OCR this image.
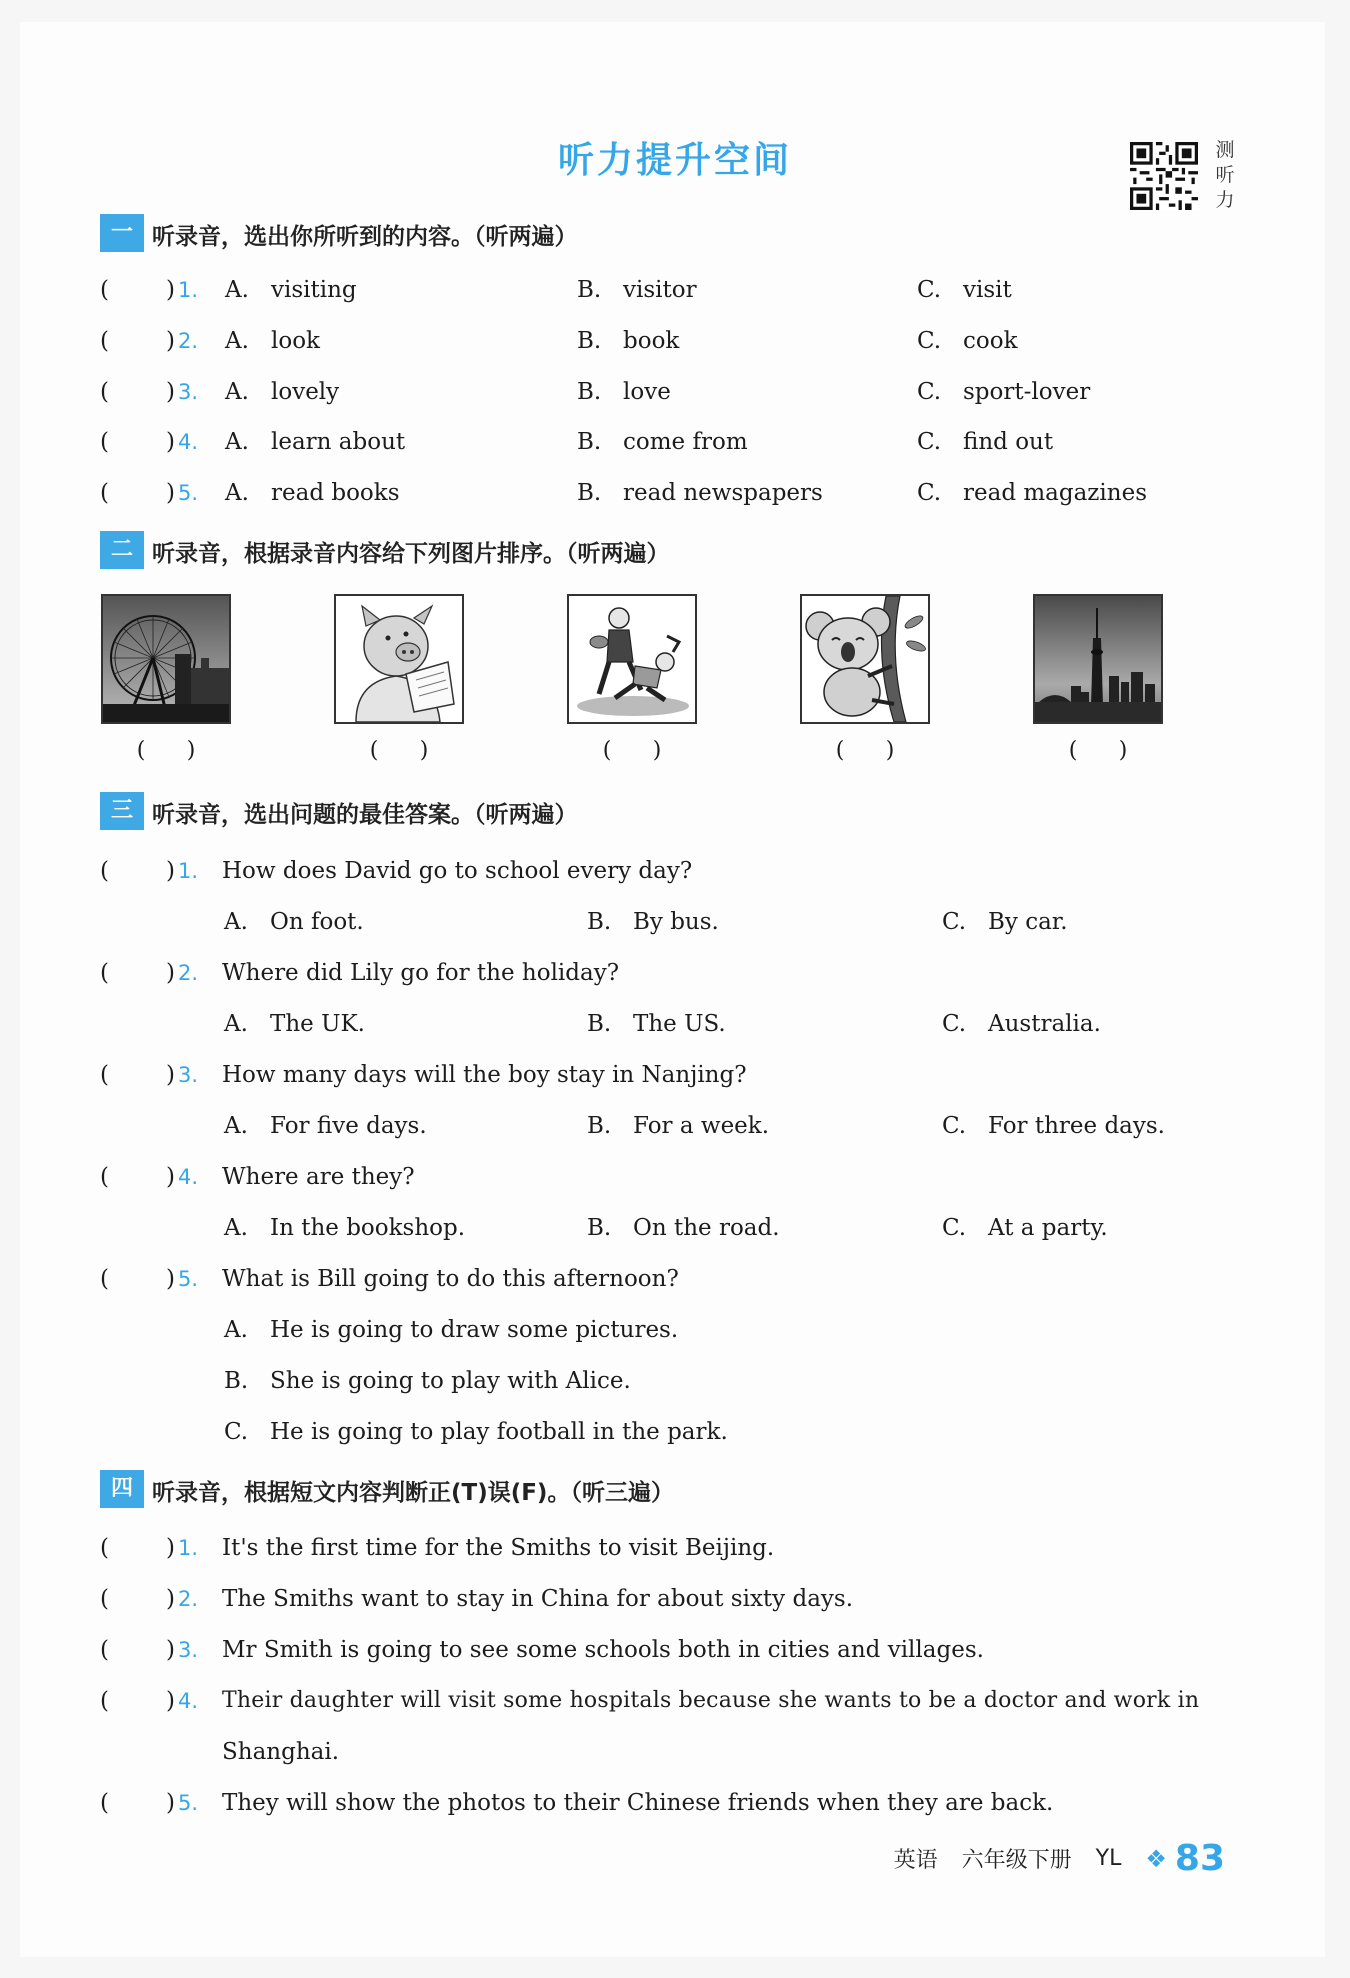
听力提升空间	测
听
力
一 听录音，选出你所听到的内容。（听两遍）
( ) 1. A. visiting	B. visitor	C. visit
( ) 2. A. look	B. book	C. cook
( ) 3. A. lovely	B. love	C. sport-lover
( ) 4. A. learn about	B. come from	C. find out
( ) 5. A. read books	B. read newspapers	C. read magazines
二 听录音，根据录音内容给下列图片排序。（听两遍）
( )	( )	( )	( )	( )
三 听录音，选出问题的最佳答案。（听两遍）
( ) 1. How does David go to school every day?
A. On foot.	B. By bus.	C. By car.
( ) 2. Where did Lily go for the holiday?
A. The UK.	B. The US.	C. Australia.
( ) 3. How many days will the boy stay in Nanjing?
A. For five days.	B. For a week.	C. For three days.
( ) 4. Where are they?
A. In the bookshop.	B. On the road.	C. At a party.
( ) 5. What is Bill going to do this afternoon?
A. He is going to draw some pictures.
B. She is going to play with Alice.
C. He is going to play football in the park.
四 听录音，根据短文内容判断正(T)误(F)。（听三遍）
( ) 1. It's the first time for the Smiths to visit Beijing.
( ) 2. The Smiths want to stay in China for about sixty days.
( ) 3. Mr Smith is going to see some schools both in cities and villages.
( ) 4. Their daughter will visit some hospitals because she wants to be a doctor and work in
Shanghai.
( ) 5. They will show the photos to their Chinese friends when they are back.
英语 六年级下册 YL ❖ 83
